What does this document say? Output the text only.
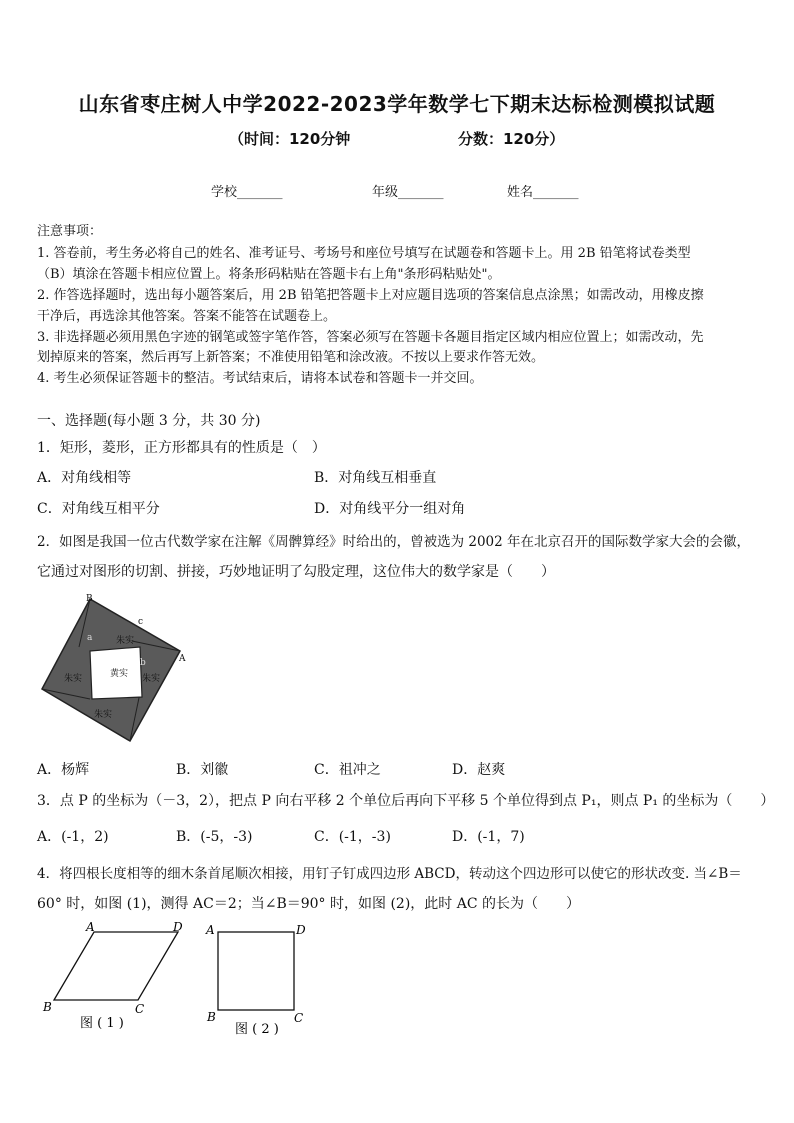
山东省枣庄树人中学2022-2023学年数学七下期末达标检测模拟试题
（时间：120分钟	分数：120分）
学校_______	年级_______	姓名_______
注意事项：
1. 答卷前，考生务必将自己的姓名、准考证号、考场号和座位号填写在试题卷和答题卡上。用 2B 铅笔将试卷类型
（B）填涂在答题卡相应位置上。将条形码粘贴在答题卡右上角"条形码粘贴处"。
2. 作答选择题时，选出每小题答案后，用 2B 铅笔把答题卡上对应题目选项的答案信息点涂黑；如需改动，用橡皮擦
干净后，再选涂其他答案。答案不能答在试题卷上。
3. 非选择题必须用黑色字迹的钢笔或签字笔作答，答案必须写在答题卡各题目指定区域内相应位置上；如需改动，先
划掉原来的答案，然后再写上新答案；不准使用铅笔和涂改液。不按以上要求作答无效。
4. 考生必须保证答题卡的整洁。考试结束后，请将本试卷和答题卡一并交回。
一、选择题(每小题 3 分，共 30 分)
1．矩形，菱形，正方形都具有的性质是（　）
A．对角线相等	B．对角线互相垂直
C．对角线互相平分	D．对角线平分一组对角
2．如图是我国一位古代数学家在注解《周髀算经》时给出的，曾被选为 2002 年在北京召开的国际数学家大会的会徽，
它通过对图形的切割、拼接，巧妙地证明了勾股定理，这位伟大的数学家是（　　）
黄实
朱实
朱实
朱实
朱实
a
b
c
A
B
A．杨辉	B．刘徽	C．祖冲之	D．赵爽
3．点 P 的坐标为（－3，2），把点 P 向右平移 2 个单位后再向下平移 5 个单位得到点 P₁，则点 P₁ 的坐标为（　　）
A．(-1，2)	B．(-5，-3)	C．(-1，-3)	D．(-1，7)
4．将四根长度相等的细木条首尾顺次相接，用钉子钉成四边形 ABCD，转动这个四边形可以使它的形状改变. 当∠B＝
60° 时，如图 (1)，测得 AC＝2；当∠B＝90° 时，如图 (2)，此时 AC 的长为（　　）
A	D
B	C
图 ( 1 )
A	D
B	C
图 ( 2 )
